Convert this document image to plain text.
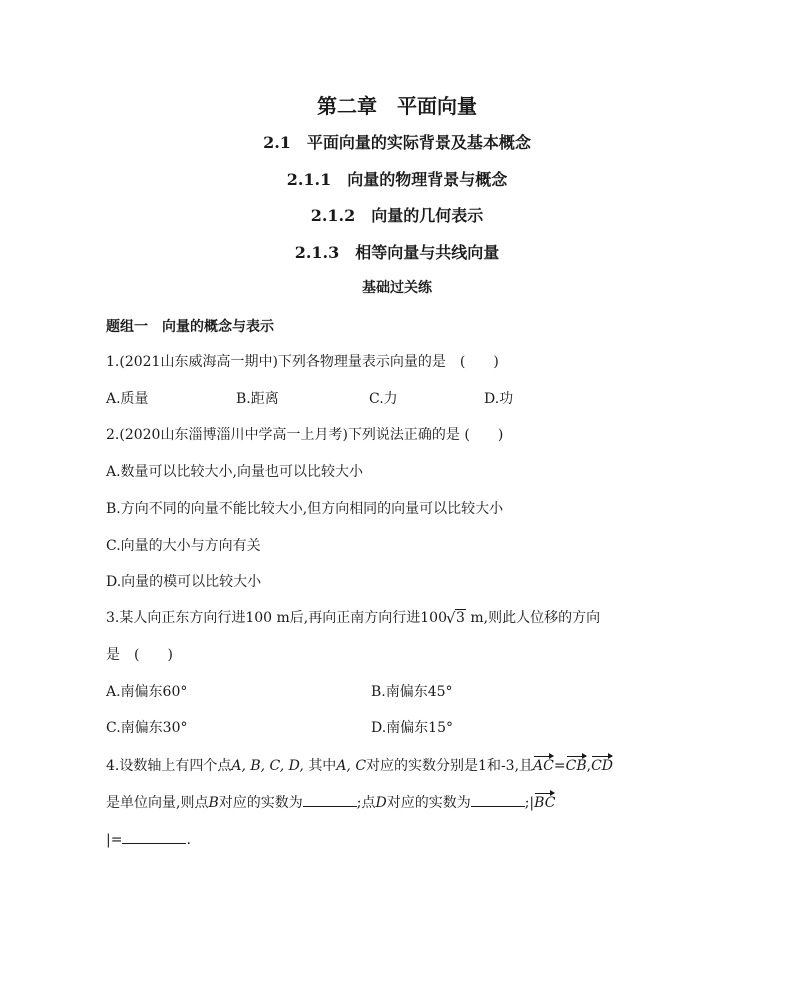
第二章　平面向量
2.1　平面向量的实际背景及基本概念
2.1.1　向量的物理背景与概念
2.1.2　向量的几何表示
2.1.3　相等向量与共线向量
基础过关练
题组一　向量的概念与表示
1.(2021山东威海高一期中)下列各物理量表示向量的是　(　　)
A.质量	B.距离	C.力	D.功
2.(2020山东淄博淄川中学高一上月考)下列说法正确的是 (　　)
A.数量可以比较大小,向量也可以比较大小
B.方向不同的向量不能比较大小,但方向相同的向量可以比较大小
C.向量的大小与方向有关
D.向量的模可以比较大小
3.某人向正东方向行进100 m后,再向正南方向行进100√ 3 m,则此人位移的方向
是　(　　)
A.南偏东60°	B.南偏东45°
C.南偏东30°	D.南偏东15°
4.设数轴上有四个点A, B, C, D, 其中A, C对应的实数分别是1和-3,且AC=CB,CD
是单位向量,则点B对应的实数为	;点D对应的实数为	;|BC
|=	.
